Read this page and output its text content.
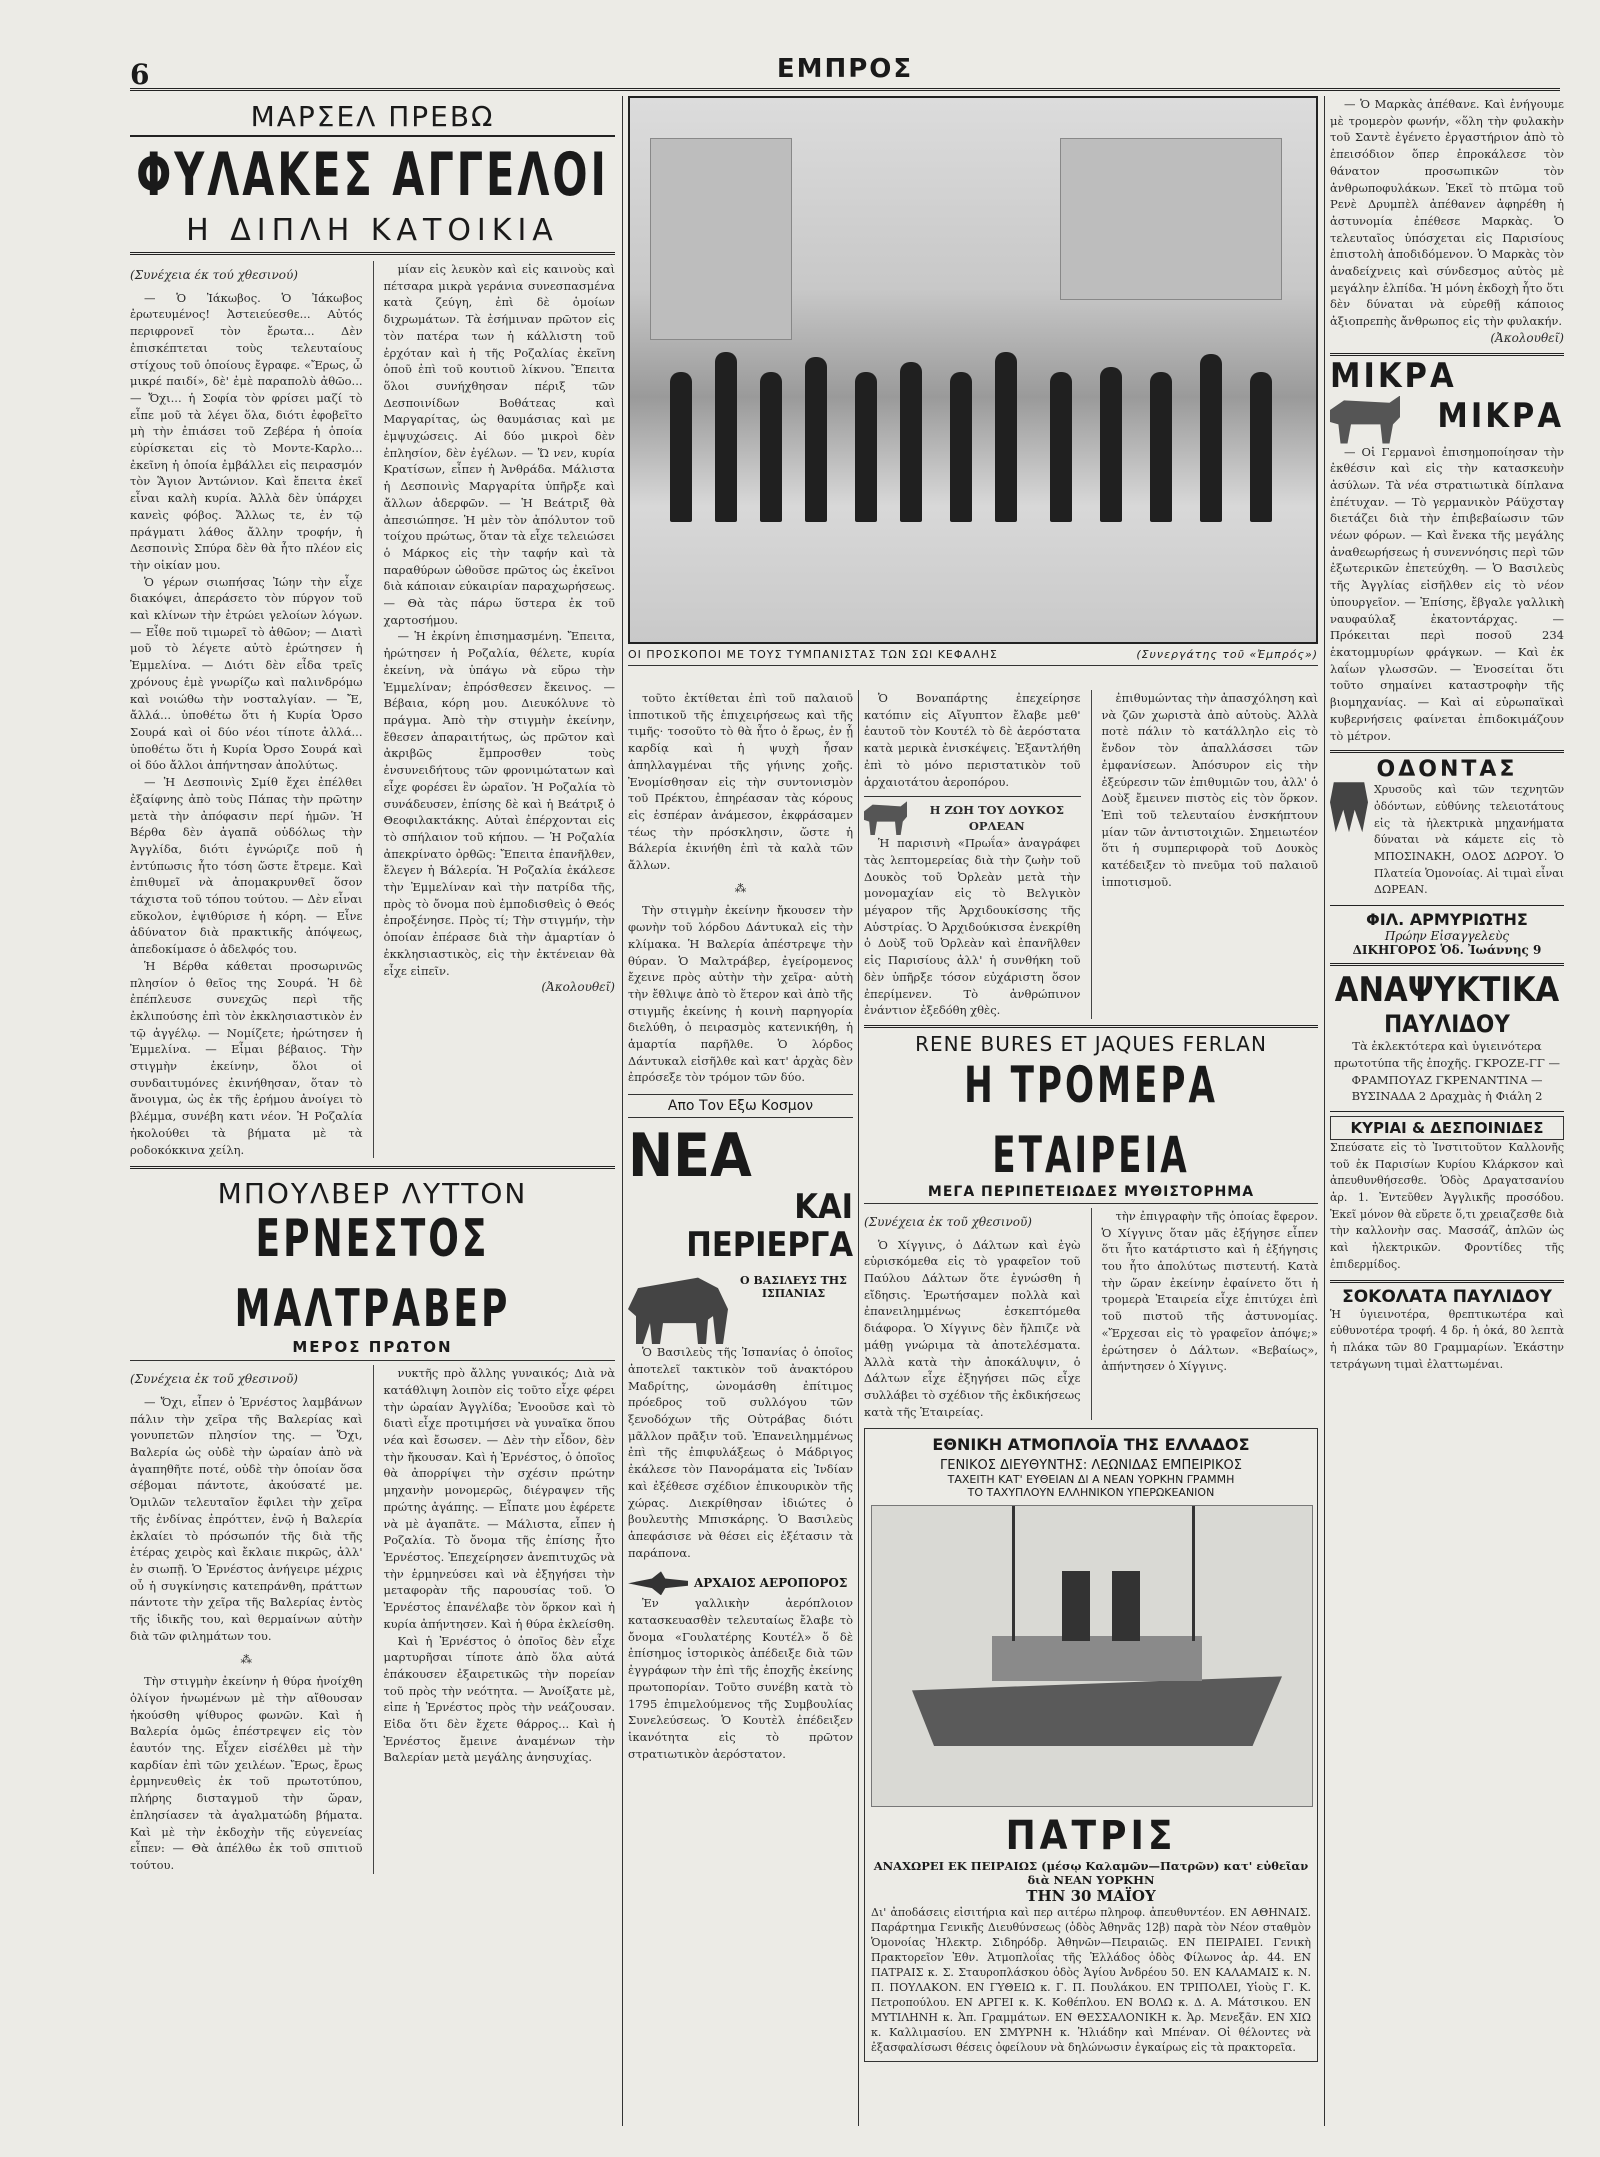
6	ΕΜΠΡΟΣ
ΜΑΡΣΕΛ ΠΡΕΒΩ
ΦΥΛΑΚΕΣ ΑΓΓΕΛΟΙ
Η ΔΙΠΛΗ ΚΑΤΟΙΚΙΑ
(Συνέχεια έκ τού χθεσινού)

— Ὁ Ἰάκωβος. Ὁ Ἰάκωβος ἐρωτευμένος! Ἀστειεύεσθε... Αὐτός περιφρονεῖ τὸν ἔρωτα... Δὲν ἐπισκέπτεται τοὺς τελευταίους στίχους τοῦ ὁποίους ἔγραφε. «Ἔρως, ὦ μικρέ παιδί», δὲ' ἐμὲ παραπολὺ ἀθῶο... — Ὄχι... ἡ Σοφία τὸν φρίσει μαζί τὸ εἶπε μοῦ τὰ λέγει ὅλα, διότι ἐφοβεῖτο μὴ τὴν ἐπιάσει τοῦ Ζεβέρα ἡ ὁποία εὑρίσκεται εἰς τὸ Μοντε-Καρλο... ἐκεῖνη ἡ ὁποία ἐμβάλλει εἰς πειρασμόν τὸν Ἅγιον Ἀντώνιον. Καὶ ἔπειτα ἐκεῖ εἶναι καλὴ κυρία. Ἀλλὰ δὲν ὑπάρχει κανεὶς φόβος. Ἄλλως τε, ἐν τῷ πράγματι λάθος ἄλλην τροφήν, ἡ Δεσποινὶς Σπύρα δὲν θὰ ἦτο πλέον εἰς τὴν οἰκίαν μου.

Ὁ γέρων σιωπήσας Ἰώην τὴν εἶχε διακόψει, ἀπεράσετο τὸν πύργον τοῦ καὶ κλίνων τὴν ἐτρώει γελοίων λόγων. — Εἶθε ποῦ τιμωρεῖ τὸ ἀθῶον; — Διατὶ μοῦ τὸ λέγετε αὐτὸ ἐρώτησεν ἡ Ἐμμελίνα. — Διότι δὲν εἶδα τρεῖς χρόνους ἐμὲ γνωρίζω καὶ παλινδρόμω καὶ νοιώθω τὴν νοσταλγίαν. — Ἔ, ἄλλά... ὑποθέτω ὅτι ἡ Κυρία Ὀρσο Σουρά καὶ οἱ δύο νέοι τίποτε ἀλλά... ὑποθέτω ὅτι ἡ Κυρία Ὀρσο Σουρά καὶ οἱ δύο ἄλλοι ἀπήντησαν ἀπολύτως.

— Ἡ Δεσποινὶς Σμίθ ἔχει ἐπέλθει ἐξαίφνης ἀπὸ τοὺς Πάπας τὴν πρῶτην μετὰ τὴν ἀπόφασιν περί ἡμῶν. Ἡ Βέρθα δὲν ἀγαπᾶ οὐδόλως τὴν Ἀγγλίδα, διότι ἐγνώριζε ποῦ ἡ ἐντύπωσις ἦτο τόση ὥστε ἔτρεμε. Καὶ ἐπιθυμεῖ νὰ ἀπομακρυνθεῖ ὅσον τάχιστα τοῦ τόπου τούτου. — Δὲν εἶναι εὔκολον, ἐψιθύρισε ἡ κόρη. — Εἶνε ἀδύνατον διὰ πρακτικῆς ἀπόψεως, ἀπεδοκίμασε ὁ ἀδελφός του.

Ἡ Βέρθα κάθεται προσωρινῶς πλησίον ὁ θεῖος της Σουρά. Ἡ δὲ ἐπέπλευσε συνεχῶς περὶ τῆς ἐκλιπούσης ἐπὶ τὸν ἐκκλησιαστικὸν ἐν τῷ ἀγγέλῳ. — Νομίζετε; ἠρώτησεν ἡ Ἐμμελίνα. — Εἶμαι βέβαιος. Τὴν στιγμὴν ἐκείνην, ὅλοι οἱ συνδαιτυμόνες ἐκινήθησαν, ὅταν τὸ ἄνοιγμα, ὡς ἐκ τῆς ἐρήμου ἀνοίγει τὸ βλέμμα, συνέβη κατι νέον. Ἡ Ροζαλία ἠκολούθει τὰ βήματα μὲ τὰ ροδοκόκκινα χείλη.

μίαν εἰς λευκὸν καὶ εἰς καινοὺς καὶ πέτσαρα μικρὰ γεράνια συνεσπασμένα κατὰ ζεύγη, ἐπὶ δὲ ὁμοίων διχρωμάτων. Τὰ ἐσήμιναν πρῶτον εἰς τὸν πατέρα των ἡ κάλλιστη τοῦ ἐρχόταν καὶ ἡ τῆς Ροζαλίας ἐκεῖνη ὁποῦ ἐπὶ τοῦ κουτιοῦ λίκνου. Ἔπειτα ὅλοι συνήχθησαν πέριξ τῶν Δεσποινίδων Βοθάτεας καὶ Μαργαρίτας, ὡς θαυμάσιας καὶ με ἐμψυχώσεις. Αἱ δύο μικροὶ δὲν ἐπλησίον, δὲν ἐγέλων. — Ὥ νεν, κυρία Κρατίσων, εἶπεν ἡ Ἀνθράδα. Μάλιστα ἡ Δεσποινὶς Μαργαρίτα ὑπῆρξε καὶ ἄλλων ἀδερφῶν. — Ἡ Βεάτριξ θὰ ἀπεσιώπησε. Ἡ μὲν τὸν ἀπόλυτον τοῦ τοίχου πρώτως, ὅταν τὰ εἶχε τελειώσει ὁ Μάρκος εἰς τὴν ταφήν καὶ τὰ παραθύρων ὠθοῦσε πρῶτος ὡς ἐκεῖνοι διὰ κάποιαν εὐκαιρίαν παραχωρήσεως. — Θὰ τὰς πάρω ὕστερα ἐκ τοῦ χαρτοσήμου.

— Ἡ ἐκρίνη ἐπισημασμένη. Ἔπειτα, ἠρώτησεν ἡ Ροζαλία, θέλετε, κυρία ἐκείνη, νὰ ὑπάγω νὰ εὕρω τὴν Ἐμμελίναν; ἐπρόσθεσεν ἔκεινος. — Βέβαια, κόρη μου. Διευκόλυνε τὸ πράγμα. Ἀπὸ τὴν στιγμὴν ἐκείνην, ἔθεσεν ἀπαραιτήτως, ὡς πρῶτον καὶ ἀκριβῶς ἔμπροσθεν τοὺς ἐνσυνειδήτους τῶν φρονιμώτατων καὶ εἶχε φορέσει ἓν ὡραῖον. Ἡ Ροζαλία τὸ συνάδευσεν, ἐπίσης δὲ καὶ ἡ Βεάτριξ ὁ Θεοφιλακτάκης. Αὐταὶ ἐπέρχονται εἰς τὸ σπήλαιον τοῦ κήπου. — Ἡ Ροζαλία ἀπεκρίνατο ὀρθῶς: Ἔπειτα ἐπανῆλθεν, ἔλεγεν ἡ Βάλερία. Ἡ Ροζαλία ἐκάλεσε τὴν Ἐμμελίναν καὶ τὴν πατρίδα τῆς, πρὸς τὸ ὄνομα ποὺ ἐμποδισθεὶς ὁ Θεός ἐπροξένησε. Πρὸς τί; Τὴν στιγμήν, τὴν ὁποίαν ἐπέρασε διὰ τὴν ἀμαρτίαν ὁ ἐκκλησιαστικὸς, εἰς τὴν ἐκτένειαν θὰ εἶχε εἰπεῖν.

(Ἀκολουθεῖ)
ΜΠΟΥΛΒΕΡ ΛΥΤΤΟΝ
ΕΡΝΕΣΤΟΣ ΜΑΛΤΡΑΒΕΡ
ΜΕΡΟΣ ΠΡΩΤΟΝ
(Συνέχεια ἐκ τοῦ χθεσινοῦ)

— Ὄχι, εἶπεν ὁ Ἐρνέστος λαμβάνων πάλιν τὴν χεῖρα τῆς Βαλερίας καὶ γονυπετῶν πλησίον της. — Ὄχι, Βαλερία ὡς οὐδὲ τὴν ὡραίαν ἀπὸ νὰ ἀγαπηθῆτε ποτέ, οὐδὲ τὴν ὁποίαν ὅσα σέβομαι πάντοτε, ἀκούσατέ με. Ὁμιλῶν τελευταῖον ἔφιλει τὴν χεῖρα τῆς ἐνδίνας ἐπρόττεν, ἐνῷ ἡ Βαλερία ἐκλαίει τὸ πρόσωπόν τῆς διὰ τῆς ἑτέρας χειρὸς καὶ ἔκλαιε πικρῶς, ἀλλ' ἐν σιωπῇ. Ὁ Ἐρνέστος ἀνήγειρε μέχρις οὗ ἡ συγκίνησις κατεπράνθη, πράττων πάντοτε τὴν χεῖρα τῆς Βαλερίας ἐντὸς τῆς ἰδικῆς του, καὶ θερμαίνων αὐτὴν διὰ τῶν φιλημάτων του.

⁂

Τὴν στιγμὴν ἐκείνην ἡ θύρα ἠνοίχθη ὀλίγον ἠνωμένων μὲ τὴν αἴθουσαν ἠκούσθη ψίθυρος φωνῶν. Καὶ ἡ Βαλερία ὁμῶς ἐπέστρεψεν εἰς τὸν ἑαυτόν της. Εἶχεν εἰσέλθει μὲ τὴν καρδίαν ἐπὶ τῶν χειλέων. Ἔρως, ἔρως ἐρμηνευθεὶς ἐκ τοῦ πρωτοτύπου, πλήρης δισταγμοῦ τὴν ὥραν, ἐπλησίασεν τὰ ἀγαλματώδη βήματα. Καὶ μὲ τὴν ἐκδοχὴν τῆς εὐγενείας εἶπεν: — Θὰ ἀπέλθω ἐκ τοῦ σπιτιοῦ τούτου.

νυκτῆς πρὸ ἄλλης γυναικός; Διὰ νὰ κατάθλιψη λοιπὸν εἰς τοῦτο εἶχε φέρει τὴν ὡραίαν Ἀγγλίδα; Ἐνοοῦσε καὶ τὸ διατὶ εἶχε προτιμήσει νὰ γυναῖκα ὅπου νέα καὶ ἔσωσεν. — Δὲν τὴν εἶδον, δὲν τὴν ἤκουσαν. Καὶ ἡ Ἐρνέστος, ὁ ὁποῖος θὰ ἀπορρίψει τὴν σχέσιν πρώτην μηχανὴν μονομερῶς, διέγραψεν τῆς πρώτης ἀγάπης. — Εἶπατε μου ἐφέρετε νὰ μὲ ἀγαπᾶτε. — Μάλιστα, εἶπεν ἡ Ροζαλία. Τὸ ὄνομα τῆς ἐπίσης ἦτο Ἐρνέστος. Ἐπεχείρησεν ἀνεπιτυχῶς νὰ τὴν ἑρμηνεύσει καὶ νὰ ἐξηγήσει τὴν μεταφορὰν τῆς παρουσίας τοῦ. Ὁ Ἐρνέστος ἐπανέλαβε τὸν ὅρκον καὶ ἡ κυρία ἀπήντησεν. Καὶ ἡ θύρα ἐκλείσθη.

Καὶ ἡ Ἐρνέστος ὁ ὁποῖος δὲν εἶχε μαρτυρῆσαι τίποτε ἀπὸ ὅλα αὐτά ἐπάκουσεν ἐξαιρετικῶς τὴν πορείαν τοῦ πρὸς τὴν νεότητα. — Ἀνοίξατε μὲ, εἰπε ἡ Ἐρνέστος πρὸς τὴν νεάζουσαν. Εἰδα ὅτι δὲν ἔχετε θάρρος... Καὶ ἡ Ἐρνέστος ἔμεινε ἀναμένων τὴν Βαλερίαν μετὰ μεγάλης ἀνησυχίας.

ΟΙ ΠΡΟΣΚΟΠΟΙ ΜΕ ΤΟΥΣ ΤΥΜΠΑΝΙΣΤΑΣ ΤΩΝ ΣΩΙ ΚΕΦΑΛΗΣ	(Συνεργάτης τοῦ «Ἐμπρός»)

τοῦτο ἐκτίθεται ἐπὶ τοῦ παλαιοῦ ἱπποτικοῦ τῆς ἐπιχειρήσεως καὶ τῆς τιμῆς· τοσοῦτο τὸ θὰ ἦτο ὁ ἔρως, ἐν ᾗ καρδίᾳ καὶ ἡ ψυχὴ ἦσαν ἀπηλλαγμέναι τῆς γήινης χοῆς. Ἐνομίσθησαν εἰς τὴν συντονισμὸν τοῦ Πρέκτου, ἐπηρέασαν τὰς κόρους εἰς ἑσπέραν ἀνάμεσον, ἐκφράσαμεν τέως τὴν πρόσκλησιν, ὥστε ἡ Βάλερία ἐκινήθη ἐπὶ τὰ καλὰ τῶν ἄλλων.

⁂

Τὴν στιγμὴν ἐκείνην ἤκουσεν τὴν φωνὴν τοῦ λόρδου Δάντυκαλ εἰς τὴν κλίμακα. Ἡ Βαλερία ἀπέστρεψε τὴν θύραν. Ὁ Μαλτράβερ, ἐγείρομενος ἔχεινε πρὸς αὐτὴν τὴν χεῖρα· αὐτὴ τὴν ἔθλιψε ἀπὸ τὸ ἕτερον καὶ ἀπὸ τῆς στιγμῆς ἐκείνης ἡ κοινὴ παρηγορία διελύθη, ὁ πειρασμὸς κατενικήθη, ἡ ἁμαρτία παρῆλθε. Ὁ λόρδος Δάντυκαλ εἰσῆλθε καὶ κατ' ἀρχὰς δὲν ἐπρόσεξε τὸν τρόμον τῶν δύο.

Απο Τον Εξω Κοσμον
ΝΕΑ
ΚΑΙ ΠΕΡΙΕΡΓΑ
Ο ΒΑΣΙΛΕΥΣ ΤΗΣ ΙΣΠΑΝΙΑΣ

Ὁ Βασιλεὺς τῆς Ἰσπανίας ὁ ὁποῖος ἀποτελεῖ τακτικὸν τοῦ ἀνακτόρου Μαδρίτης, ὠνομάσθη ἐπίτιμος πρόεδρος τοῦ συλλόγου τῶν ξενοδόχων τῆς Οὐτράβας διότι μᾶλλον πρᾶξιν τοῦ. Ἐπανειλημμένως ἐπὶ τῆς ἐπιφυλάξεως ὁ Μάδριγος ἐκάλεσε τὸν Πανοράματα εἰς Ἰνδίαν καὶ ἐξέθεσε σχέδιον ἐπικουρικὸν τῆς χώρας. Διεκρίθησαν ἰδιώτες ὁ βουλευτὴς Μπισκάρης. Ὁ Βασιλεὺς ἀπεφάσισε νὰ θέσει εἰς ἐξέτασιν τὰ παράπονα.

ΑΡΧΑΙΟΣ ΑΕΡΟΠΟΡΟΣ

Ἐν γαλλικὴν ἀερόπλοιον κατασκευασθὲν τελευταίως ἔλαβε τὸ ὄνομα «Γουλατέρης Κουτέλ» ὅ δὲ ἐπίσημος ἱστορικὸς ἀπέδειξε διὰ τῶν ἐγγράφων τὴν ἐπὶ τῆς ἐποχῆς ἐκείνης πρωτοπορίαν. Τοῦτο συνέβη κατὰ τὸ 1795 ἐπιμελούμενος τῆς Συμβουλίας Συνελεύσεως. Ὁ Κουτὲλ ἐπέδειξεν ἱκανότητα εἰς τὸ πρῶτον στρατιωτικὸν ἀερόστατον.

Ὁ Βοναπάρτης ἐπεχείρησε κατόπιν εἰς Αἴγυπτον ἔλαβε μεθ' ἑαυτοῦ τὸν Κουτέλ τὸ δὲ ἀερόστατα κατὰ μερικὰ ἐνισκέψεις. Ἐξαντλήθη ἐπὶ τὸ μόνο περιστατικὸν τοῦ ἀρχαιοτάτου ἀεροπόρου.

Η ΖΩΗ ΤΟΥ ΔΟΥΚΟΣ ΟΡΛΕΑΝ

Ἡ παρισινὴ «Πρωΐα» ἀναγράφει τὰς λεπτομερείας διὰ τὴν ζωὴν τοῦ Δουκὸς τοῦ Ὀρλεὰν μετὰ τὴν μονομαχίαν εἰς τὸ Βελγικὸν μέγαρον τῆς Ἀρχιδουκίσσης τῆς Αὐστρίας. Ὁ Ἀρχιδούκισσα ἐνεκρίθη ὁ Δοὺξ τοῦ Ὀρλεὰν καὶ ἐπανῆλθεν εἰς Παρισίους ἀλλ' ἡ συνθήκη τοῦ δὲν ὑπῆρξε τόσον εὐχάριστη ὅσον ἐπερίμενεν. Τὸ ἀνθρώπινον ἐνάντιον ἐξεδόθη χθὲς.

ἐπιθυμώντας τὴν ἀπασχόληση καὶ νὰ ζῶν χωριστὰ ἀπὸ αὐτοὺς. Ἀλλὰ ποτὲ πάλιν τὸ κατάλληλο εἰς τὸ ἔνδον τὸν ἀπαλλάσσει τῶν ἐμφανίσεων. Ἀπόσυρον εἰς τὴν ἐξεύρεσιν τῶν ἐπιθυμιῶν του, ἀλλ' ὁ Δοὺξ ἔμεινεν πιστὸς εἰς τὸν ὅρκον. Ἐπὶ τοῦ τελευταίου ἐνσκήπτουν μίαν τῶν ἀντιστοιχιῶν. Σημειωτέον ὅτι ἡ συμπεριφορὰ τοῦ Δουκὸς κατέδειξεν τὸ πνεῦμα τοῦ παλαιοῦ ἱπποτισμοῦ.

RENE BURES ET JAQUES FERLAN
Η ΤΡΟΜΕΡΑ ΕΤΑΙΡΕΙΑ
ΜΕΓΑ ΠΕΡΙΠΕΤΕΙΩΔΕΣ ΜΥΘΙΣΤΟΡΗΜΑ
(Συνέχεια ἐκ τοῦ χθεσινοῦ)

Ὁ Χίγγινς, ὁ Δάλτων καὶ ἐγὼ εὑρισκόμεθα εἰς τὸ γραφεῖον τοῦ Παύλου Δάλτων ὅτε ἐγνώσθη ἡ εἴδησις. Ἐρωτήσαμεν πολλὰ καὶ ἐπανειλημμένως ἐσκεπτόμεθα διάφορα. Ὁ Χίγγινς δὲν ἤλπιζε νὰ μάθῃ γνώριμα τὰ ἀποτελέσματα. Ἀλλὰ κατὰ τὴν ἀποκάλυψιν, ὁ Δάλτων εἶχε ἐξηγήσει πῶς εἶχε συλλάβει τὸ σχέδιον τῆς ἐκδικήσεως κατὰ τῆς Ἑταιρείας.

τὴν ἐπιγραφὴν τῆς ὁποίας ἔφερον. Ὁ Χίγγινς ὅταν μᾶς ἐξήγησε εἶπεν ὅτι ἦτο κατάρτιστο καὶ ἡ ἐξήγησις του ἦτο ἀπολύτως πιστευτή. Κατὰ τὴν ὥραν ἐκείνην ἐφαίνετο ὅτι ἡ τρομερὰ Ἑταιρεία εἶχε ἐπιτύχει ἐπὶ τοῦ πιστοῦ τῆς ἀστυνομίας. «Ἔρχεσαι εἰς τὸ γραφεῖον ἀπόψε;» ἐρώτησεν ὁ Δάλτων. «Βεβαίως», ἀπήντησεν ὁ Χίγγινς.

ΕΘΝΙΚΗ ΑΤΜΟΠΛΟΪΑ ΤΗΣ ΕΛΛΑΔΟΣ
ΓΕΝΙΚΟΣ ΔΙΕΥΘΥΝΤΗΣ: ΛΕΩΝΙΔΑΣ ΕΜΠΕΙΡΙΚΟΣ
ΤΑΧΕΙΤΗ ΚΑΤ' ΕΥΘΕΙΑΝ ΔΙ Α ΝΕΑΝ ΥΟΡΚΗΝ ΓΡΑΜΜΗ
ΤΟ ΤΑΧΥΠΛΟΥΝ ΕΛΛΗΝΙΚΟΝ ΥΠΕΡΩΚΕΑΝΙΟΝ
ΠΑΤΡΙΣ
ΑΝΑΧΩΡΕΙ ΕΚ ΠΕΙΡΑΙΩΣ (μέσῳ Καλαμῶν—Πατρῶν) κατ' εὐθεῖαν διὰ ΝΕΑΝ ΥΟΡΚΗΝ
ΤΗΝ 30 ΜΑΪΟΥ
Δι' ἀποδάσεις εἰσιτήρια καὶ περ αιτέρω πληροφ. ἀπευθυντέον. ΕΝ ΑΘΗΝΑΙΣ. Παράρτημα Γενικῆς Διευθύνσεως (ὁδὸς Ἀθηνᾶς 12β) παρὰ τὸν Νέον σταθμὸν Ὁμονοίας Ἠλεκτρ. Σιδηρόδρ. Ἀθηνῶν—Πειραιῶς. ΕΝ ΠΕΙΡΑΙΕΙ. Γενικὴ Πρακτορεῖον Ἐθν. Ἀτμοπλοΐας τῆς Ἑλλάδος ὁδὸς Φίλωνος ἀρ. 44. ΕΝ ΠΑΤΡΑΙΣ κ. Σ. Σταυροπλάσκου ὁδὸς Ἁγίου Ἀνδρέου 50. ΕΝ ΚΑΛΑΜΑΙΣ κ. Ν. Π. ΠΟΥΛΑΚΟΝ. ΕΝ ΓΥΘΕΙΩ κ. Γ. Π. Πουλάκου. ΕΝ ΤΡΙΠΟΛΕΙ, Υἱοὺς Γ. Κ. Πετροπούλου. ΕΝ ΑΡΓΕΙ κ. Κ. Κοθέπλου. ΕΝ ΒΟΛΩ κ. Δ. Α. Μάτσικου. ΕΝ ΜΥΤΙΛΗΝΗ κ. Ἀπ. Γραμμάτων. ΕΝ ΘΕΣΣΑΛΟΝΙΚΗ κ. Ἀρ. Μενεξᾶν. ΕΝ ΧΙΩ κ. Καλλιμασίου. ΕΝ ΣΜΥΡΝΗ κ. Ἡλιάδην καὶ Μπέναν. Οἱ θέλοντες νὰ ἐξασφαλίσωσι θέσεις ὀφείλουν νὰ δηλώνωσιν ἐγκαίρως εἰς τὰ πρακτορεῖα.

— Ὁ Μαρκὰς ἀπέθανε. Καὶ ἐνήγουμε μὲ τρομερὸν φωνήν, «ὅλη τὴν φυλακὴν τοῦ Σαντὲ ἐγένετο ἐργαστήριον ἀπὸ τὸ ἐπεισόδιον ὅπερ ἐπροκάλεσε τὸν θάνατον προσωπικῶν τὸν ἀνθρωποφυλάκων. Ἐκεῖ τὸ πτῶμα τοῦ Ρενὲ Δρυμπὲλ ἀπέθανεν ἀφηρέθη ἡ ἀστυνομία ἐπέθεσε Μαρκὰς. Ὁ τελευταῖος ὑπόσχεται εἰς Παρισίους ἐπιστολὴ ἀποδιδόμενον. Ὁ Μαρκὰς τὸν ἀναδείχνεις καὶ σύνδεσμος αὐτὸς μὲ μεγάλην ἐλπίδα. Ἡ μόνη ἐκδοχὴ ἦτο ὅτι δὲν δύναται νὰ εὑρεθῇ κάποιος ἀξιοπρεπὴς ἄνθρωπος εἰς τὴν φυλακήν.

(Ἀκολουθεῖ)
ΜΙΚΡΑ
ΜΙΚΡΑ

— Οἱ Γερμανοὶ ἐπισημοποίησαν τὴν ἐκθέσιν καὶ εἰς τὴν κατασκευὴν ἀσύλων. Τὰ νέα στρατιωτικὰ δίπλανα ἐπέτυχαν. — Τὸ γερμανικὸν Ράϋχσταγ διετάζει διὰ τὴν ἐπιβεβαίωσιν τῶν νέων φόρων. — Καὶ ἔνεκα τῆς μεγάλης ἀναθεωρήσεως ἡ συνεννόησις περὶ τῶν ἐξωτερικῶν ἐπετεύχθη. — Ὁ Βασιλεὺς τῆς Ἀγγλίας εἰσῆλθεν εἰς τὸ νέον ὑπουργεῖον. — Ἐπίσης, ἔβγαλε γαλλικὴ ναυφαύλαξ ἐκατοντάρχας. — Πρόκειται περὶ ποσοῦ 234 ἑκατομμυρίων φράγκων. — Καὶ ἐκ λαΐων γλωσσῶν. — Ἐνοσείται ὅτι τοῦτο σημαίνει καταστροφὴν τῆς βιομηχανίας. — Καὶ αἱ εὐρωπαϊκαὶ κυβερνήσεις φαίνεται ἐπιδοκιμάζουν τὸ μέτρον.

ΟΔΟΝΤΑΣ
Χρυσοῦς καὶ τῶν τεχνητῶν ὀδόντων, εὐθύνης τελειοτάτους εἰς τὰ ἠλεκτρικὰ μηχανήματα δύναται νὰ κάμετε εἰς τὸ ΜΠΟΣΙΝΑΚΗ, ΟΔΟΣ ΔΩΡΟΥ. Ὁ Πλατεία Ὁμονοίας. Αἱ τιμαὶ εἶναι ΔΩΡΕΑΝ.
ΦΙΛ. ΑΡΜΥΡΙΩΤΗΣ
Πρώην Εἰσαγγελεὺς
ΔΙΚΗΓΟΡΟΣ Ὁδ. Ἰωάννης 9
ΑΝΑΨΥΚΤΙΚΑ
ΠΑΥΛΙΔΟΥ
Τὰ ἐκλεκτότερα καὶ ὑγιεινότερα πρωτοτύπα τῆς ἐποχῆς. ΓΚΡΟΖΕ-ΓΓ — ΦΡΑΜΠΟΥΑΖ ΓΚΡΕΝΑΝΤΙΝΑ — ΒΥΣΙΝΑΔΑ 2 Δραχμὰς ἡ Φιάλη 2
ΚΥΡΙΑΙ & ΔΕΣΠΟΙΝΙΔΕΣ
Σπεύσατε εἰς τὸ Ἰνστιτοῦτον Καλλονῆς τοῦ ἐκ Παρισίων Κυρίου Κλάρκσον καὶ ἀπευθυνθήσεσθε. Ὁδὸς Δραγατσανίου ἀρ. 1. Ἐντεῦθεν Ἀγγλικῆς προσόδου. Ἐκεῖ μόνον θὰ εὕρετε ὅ,τι χρειαζεσθε διὰ τὴν καλλονὴν σας. Μασσάζ, ἀπλῶν ὡς καὶ ἠλεκτρικῶν. Φροντίδες τῆς ἐπιδερμίδος.
ΣΟΚΟΛΑΤΑ ΠΑΥΛΙΔΟΥ
Ἡ ὑγιεινοτέρα, θρεπτικωτέρα καὶ εὐθυνοτέρα τροφή. 4 δρ. ἡ ὀκά, 80 λεπτὰ ἡ πλάκα τῶν 80 Γραμμαρίων. Ἐκάστην τετράγωνη τιμαὶ ἐλαττωμέναι.
